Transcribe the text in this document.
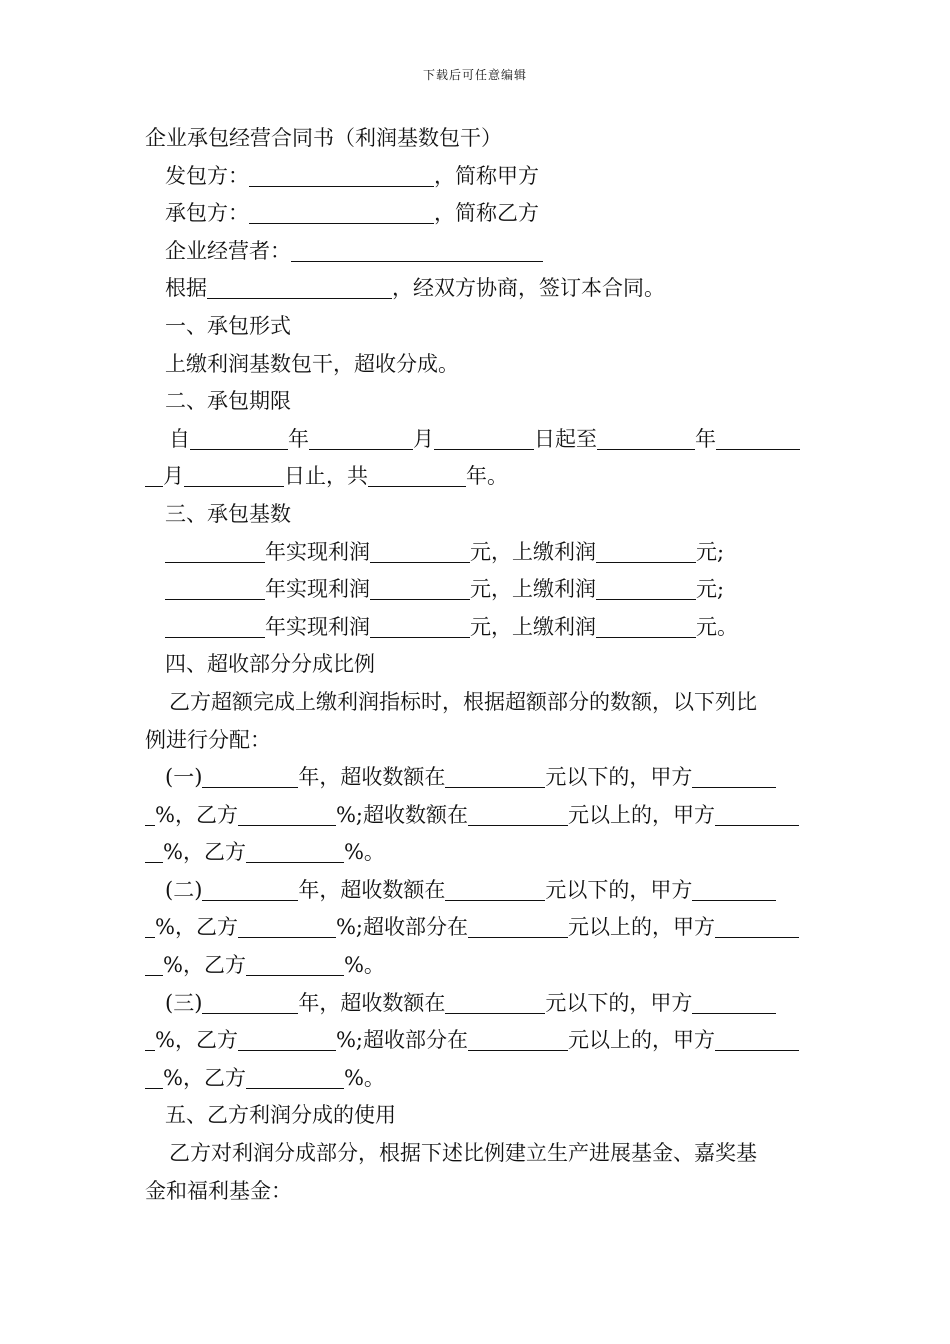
下载后可任意编辑
企业承包经营合同书（利润基数包干）
发包方：	，简称甲方
承包方：	，简称乙方
企业经营者：
根据	，经双方协商，签订本合同。
一、承包形式
上缴利润基数包干，超收分成。
二、承包期限
自	年	月	日起至	年
月	日止，共	年。
三、承包基数
年实现利润	元，上缴利润	元;
年实现利润	元，上缴利润	元;
年实现利润	元，上缴利润	元。
四、超收部分分成比例
乙方超额完成上缴利润指标时，根据超额部分的数额，以下列比
例进行分配：
(一)	年，超收数额在	元以下的，甲方
%，乙方	%;超收数额在	元以上的，甲方
%，乙方	%。
(二)	年，超收数额在	元以下的，甲方
%，乙方	%;超收部分在	元以上的，甲方
%，乙方	%。
(三)	年，超收数额在	元以下的，甲方
%，乙方	%;超收部分在	元以上的，甲方
%，乙方	%。
五、乙方利润分成的使用
乙方对利润分成部分，根据下述比例建立生产进展基金、嘉奖基
金和福利基金：
